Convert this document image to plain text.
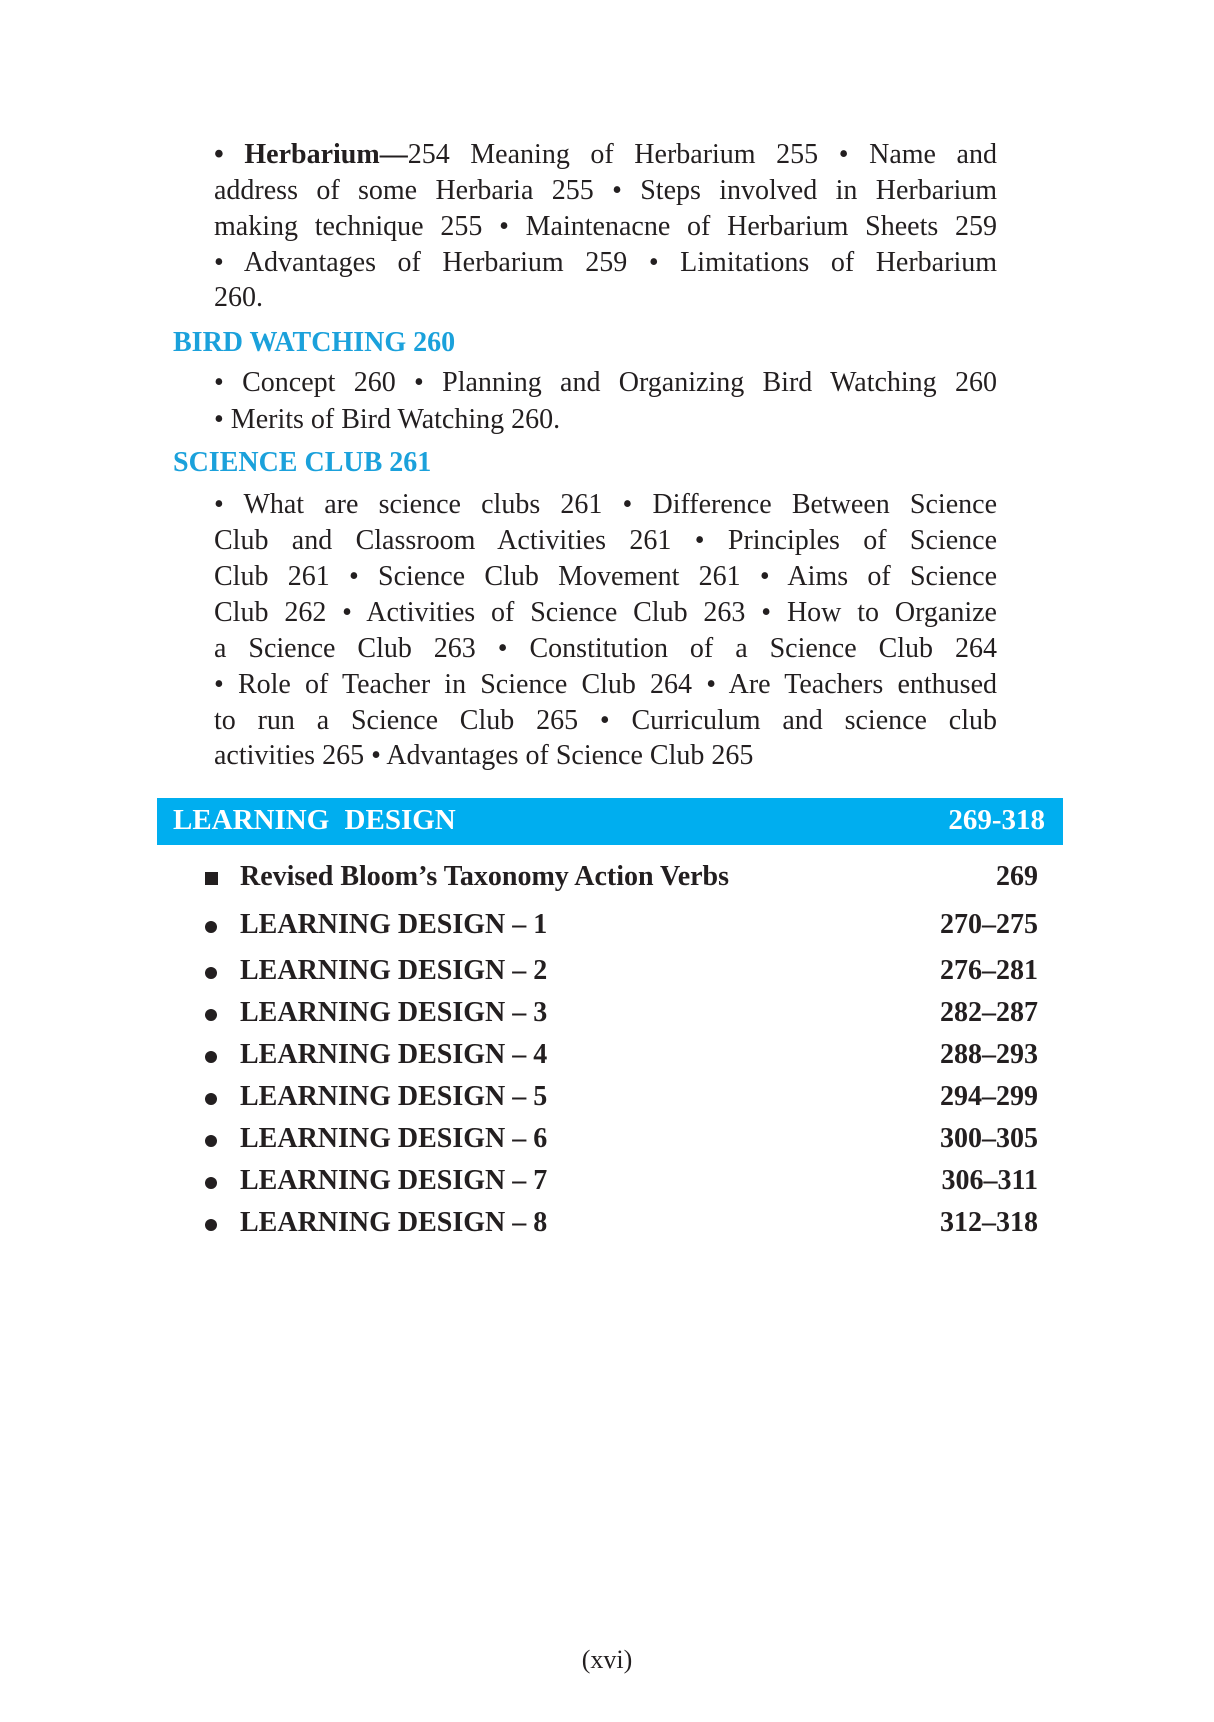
• Herbarium—254 Meaning of Herbarium 255 • Name and
address of some Herbaria 255 • Steps involved in Herbarium
making technique 255 • Maintenacne of Herbarium Sheets 259
• Advantages of Herbarium 259 • Limitations of Herbarium
260.
BIRD WATCHING 260
• Concept 260 • Planning and Organizing Bird Watching 260
• Merits of Bird Watching 260.
SCIENCE CLUB 261
• What are science clubs 261 • Difference Between Science
Club and Classroom Activities 261 • Principles of Science
Club 261 • Science Club Movement 261 • Aims of Science
Club 262 • Activities of Science Club 263 • How to Organize
a Science Club 263 • Constitution of a Science Club 264
• Role of Teacher in Science Club 264 • Are Teachers enthused
to run a Science Club 265 • Curriculum and science club
activities 265 • Advantages of Science Club 265
LEARNING DESIGN	269-318
Revised Bloom’s Taxonomy Action Verbs	269
LEARNING DESIGN – 1	270–275
LEARNING DESIGN – 2	276–281
LEARNING DESIGN – 3	282–287
LEARNING DESIGN – 4	288–293
LEARNING DESIGN – 5	294–299
LEARNING DESIGN – 6	300–305
LEARNING DESIGN – 7	306–311
LEARNING DESIGN – 8	312–318
(xvi)
